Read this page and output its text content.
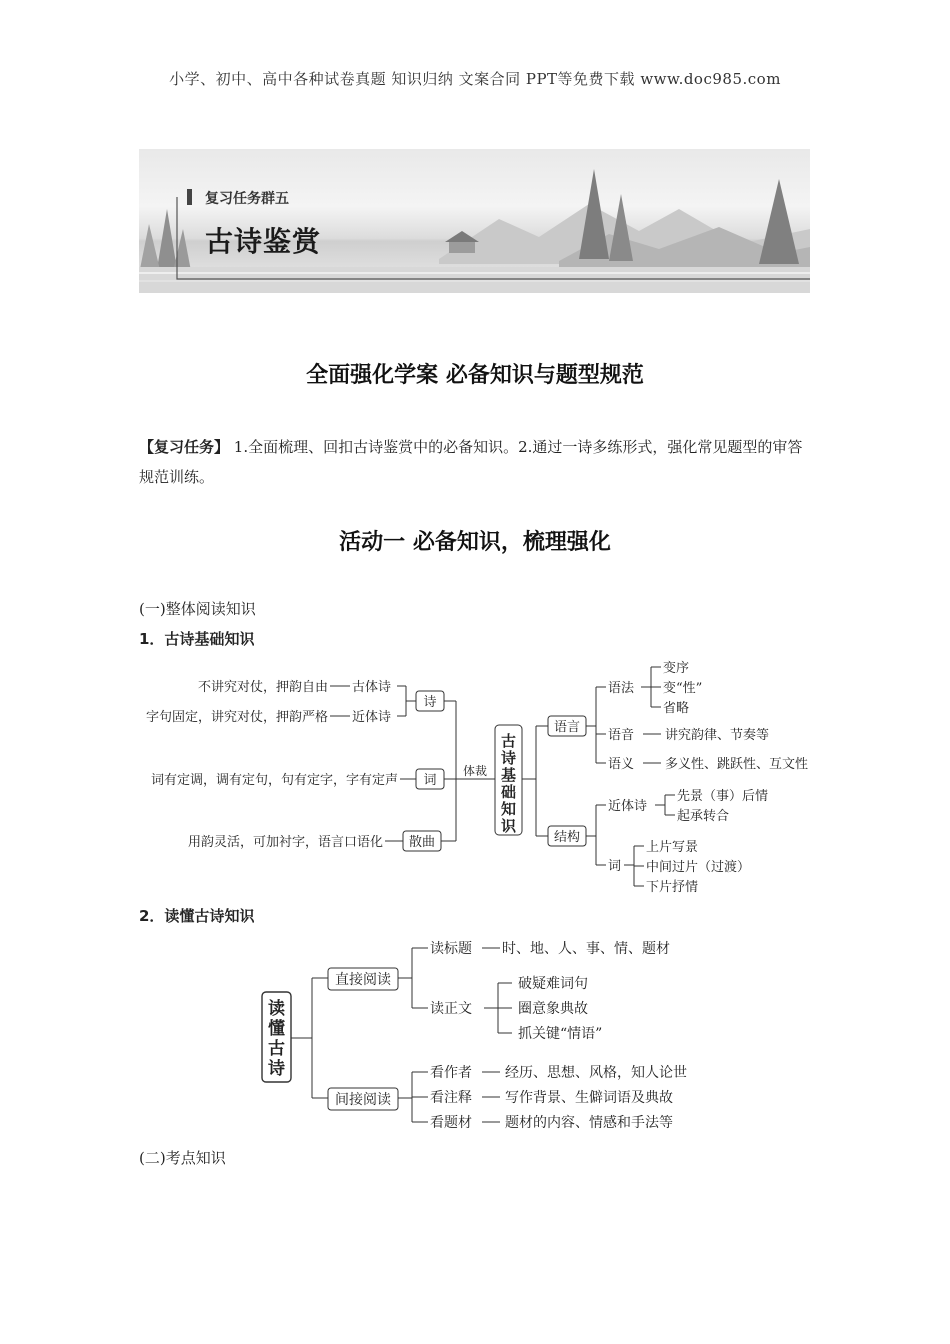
小学、初中、高中各种试卷真题 知识归纳 文案合同 PPT等免费下载 www.doc985.com
复习任务群五
古诗鉴赏
全面强化学案 必备知识与题型规范
【复习任务】 1.全面梳理、回扣古诗鉴赏中的必备知识。2.通过一诗多练形式，强化常见题型的审答规范训练。
活动一 必备知识，梳理强化
(一)整体阅读知识
1．古诗基础知识
不讲究对仗，押韵自由 古体诗
字句固定，讲究对仗，押韵严格 近体诗
诗
词有定调，调有定句，句有定字，字有定声 词
用韵灵活，可加衬字，语言口语化 散曲
体裁
古
诗
基
础
知
识
语言
语法
变序
变“性”
省略
语音 讲究韵律、节奏等
语义 多义性、跳跃性、互文性
结构
近体诗
先景（事）后情
起承转合
词
上片写景
中间过片（过渡）
下片抒情
2．读懂古诗知识
读
懂
古
诗
直接阅读
读标题 时、地、人、事、情、题材
读正文
破疑难词句
圈意象典故
抓关键“情语”
间接阅读
看作者 经历、思想、风格，知人论世
看注释 写作背景、生僻词语及典故
看题材 题材的内容、情感和手法等
(二)考点知识
